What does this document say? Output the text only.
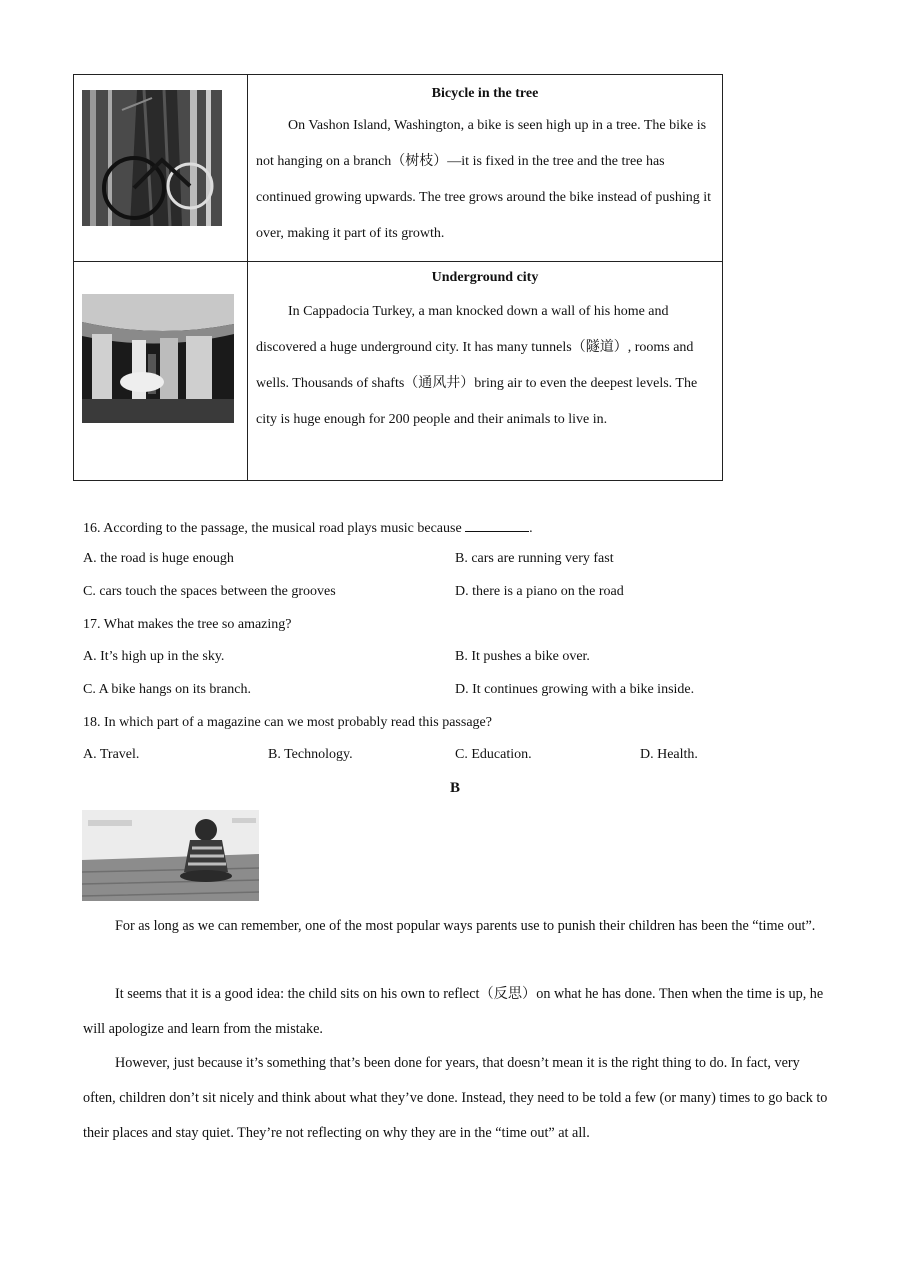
Bicycle in the tree
On Vashon Island, Washington, a bike is seen high up in a tree. The bike is not hanging on a branch（树枝）—it is fixed in the tree and the tree has continued growing upwards. The tree grows around the bike instead of pushing it over, making it part of its growth.
Underground city
In Cappadocia Turkey, a man knocked down a wall of his home and discovered a huge underground city. It has many tunnels（隧道）, rooms and wells. Thousands of shafts（通风井）bring air to even the deepest levels. The city is huge enough for 200 people and their animals to live in.
16. According to the passage, the musical road plays music because	.
A. the road is huge enough	B. cars are running very fast
C. cars touch the spaces between the grooves	D. there is a piano on the road
17. What makes the tree so amazing?
A. It’s high up in the sky.	B. It pushes a bike over.
C. A bike hangs on its branch.	D. It continues growing with a bike inside.
18. In which part of a magazine can we most probably read this passage?
A. Travel.	B. Technology.	C. Education.	D. Health.
B
For as long as we can remember, one of the most popular ways parents use to punish their children has been the “time out”.
It seems that it is a good idea: the child sits on his own to reflect（反思）on what he has done. Then when the time is up, he will apologize and learn from the mistake.
However, just because it’s something that’s been done for years, that doesn’t mean it is the right thing to do. In fact, very often, children don’t sit nicely and think about what they’ve done. Instead, they need to be told a few (or many) times to go back to their places and stay quiet. They’re not reflecting on why they are in the “time out” at all.
